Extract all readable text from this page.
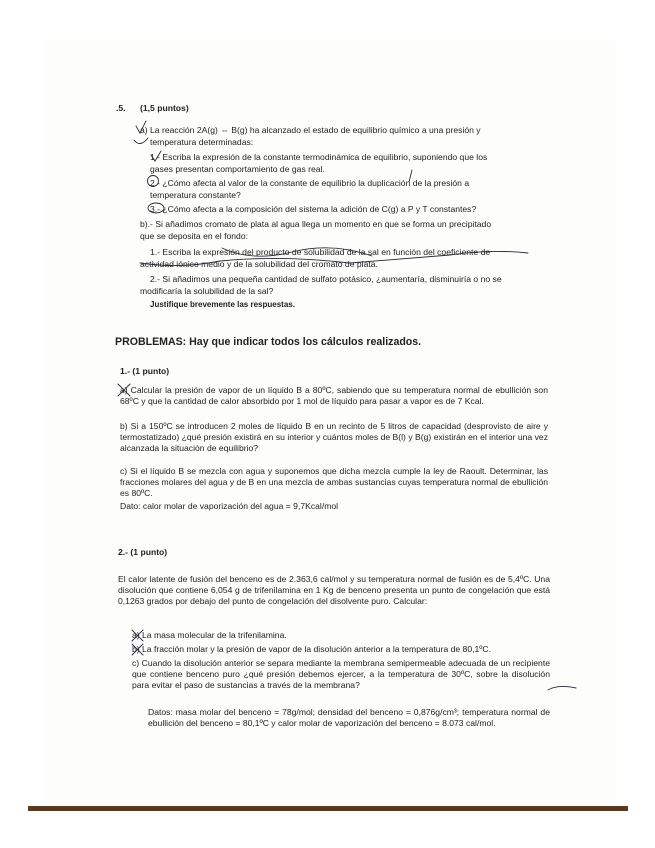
.5. (1,5 puntos)
a) La reacción 2A(g) ⇔ B(g) ha alcanzado el estado de equilibrio químico a una presión y
temperatura determinadas:
1.- Escriba la expresión de la constante termodinámica de equilibrio, suponiendo que los
gases presentan comportamiento de gas real.
2.- ¿Cómo afecta al valor de la constante de equilibrio la duplicación de la presión a
temperatura constante?
3.- ¿Cómo afecta a la composición del sistema la adición de C(g) a P y T constantes?
b).- Si añadimos cromato de plata al agua llega un momento en que se forma un precipitado
que se deposita en el fondo:
1.- Escriba la expresión del producto de solubilidad de la sal en función del coeficiente de
actividad iónico medio y de la solubilidad del cromato de plata.
2.- Si añadimos una pequeña cantidad de sulfato potásico, ¿aumentaría, disminuiría o no se
modificaría la solubilidad de la sal?
Justifique brevemente las respuestas.
PROBLEMAS: Hay que indicar todos los cálculos realizados.
1.- (1 punto)
a) Calcular la presión de vapor de un líquido B a 80ºC, sabiendo que su temperatura normal de ebullición son 68ºC y que la cantidad de calor absorbido por 1 mol de líquido para pasar a vapor es de 7 Kcal.
b) Si a 150ºC se introducen 2 moles de líquido B en un recinto de 5 litros de capacidad (desprovisto de aire y termostatizado) ¿qué presión existirá en su interior y cuántos moles de B(l) y B(g) existirán en el interior una vez alcanzada la situación de equilibrio?
c) Si el líquido B se mezcla con agua y suponemos que dicha mezcla cumple la ley de Raoult. Determinar, las fracciones molares del agua y de B en una mezcla de ambas sustancias cuyas temperatura normal de ebullición es 80ºC.
Dato: calor molar de vaporización del agua = 9,7Kcal/mol
2.- (1 punto)
El calor latente de fusión del benceno es de 2.363,6 cal/mol y su temperatura normal de fusión es de 5,4ºC. Una disolución que contiene 6,054 g de trifenilamina en 1 Kg de benceno presenta un punto de congelación que está 0,1263 grados por debajo del punto de congelación del disolvente puro. Calcular:
a) La masa molecular de la trifenilamina.
b) La fracción molar y la presión de vapor de la disolución anterior a la temperatura de 80,1ºC.
c) Cuando la disolución anterior se separa mediante la membrana semipermeable adecuada de un recipiente que contiene benceno puro ¿qué presión debemos ejercer, a la temperatura de 30ºC, sobre la disolución para evitar el paso de sustancias a través de la membrana?
Datos: masa molar del benceno = 78g/mol; densidad del benceno = 0,876g/cm³; temperatura normal de ebullición del benceno = 80,1ºC y calor molar de vaporización del benceno = 8.073 cal/mol.
